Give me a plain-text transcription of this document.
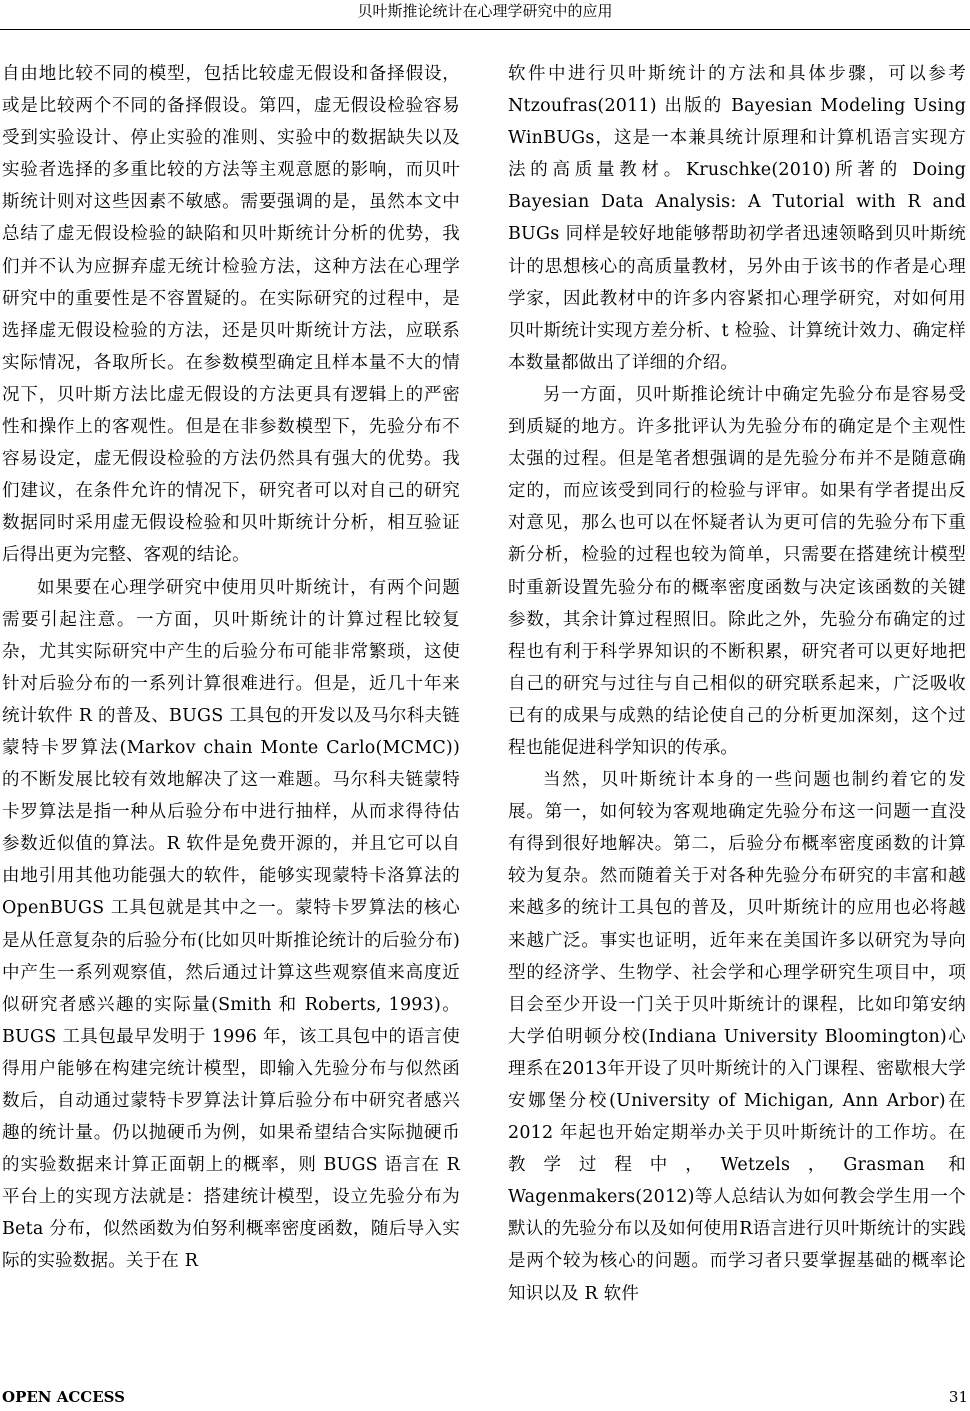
贝叶斯推论统计在心理学研究中的应用

自由地比较不同的模型，包括比较虚无假设和备择假设，或是比较两个不同的备择假设。第四，虚无假设检验容易受到实验设计、停止实验的准则、实验中的数据缺失以及实验者选择的多重比较的方法等主观意愿的影响，而贝叶斯统计则对这些因素不敏感。需要强调的是，虽然本文中总结了虚无假设检验的缺陷和贝叶斯统计分析的优势，我们并不认为应摒弃虚无统计检验方法，这种方法在心理学研究中的重要性是不容置疑的。在实际研究的过程中，是选择虚无假设检验的方法，还是贝叶斯统计方法，应联系实际情况，各取所长。在参数模型确定且样本量不大的情况下，贝叶斯方法比虚无假设的方法更具有逻辑上的严密性和操作上的客观性。但是在非参数模型下，先验分布不容易设定，虚无假设检验的方法仍然具有强大的优势。我们建议，在条件允许的情况下，研究者可以对自己的研究数据同时采用虚无假设检验和贝叶斯统计分析，相互验证后得出更为完整、客观的结论。

如果要在心理学研究中使用贝叶斯统计，有两个问题需要引起注意。一方面，贝叶斯统计的计算过程比较复杂，尤其实际研究中产生的后验分布可能非常繁琐，这使针对后验分布的一系列计算很难进行。但是，近几十年来统计软件 R 的普及、BUGS 工具包的开发以及马尔科夫链蒙特卡罗算法(Markov chain Monte Carlo(MCMC))的不断发展比较有效地解决了这一难题。马尔科夫链蒙特卡罗算法是指一种从后验分布中进行抽样，从而求得待估参数近似值的算法。R 软件是免费开源的，并且它可以自由地引用其他功能强大的软件，能够实现蒙特卡洛算法的 OpenBUGS 工具包就是其中之一。蒙特卡罗算法的核心是从任意复杂的后验分布(比如贝叶斯推论统计的后验分布)中产生一系列观察值，然后通过计算这些观察值来高度近似研究者感兴趣的实际量(Smith 和 Roberts, 1993)。BUGS 工具包最早发明于 1996 年，该工具包中的语言使得用户能够在构建完统计模型，即输入先验分布与似然函数后，自动通过蒙特卡罗算法计算后验分布中研究者感兴趣的统计量。仍以抛硬币为例，如果希望结合实际抛硬币的实验数据来计算正面朝上的概率，则 BUGS 语言在 R 平台上的实现方法就是：搭建统计模型，设立先验分布为 Beta 分布，似然函数为伯努利概率密度函数，随后导入实际的实验数据。关于在 R

软件中进行贝叶斯统计的方法和具体步骤，可以参考Ntzoufras(2011) 出版的 Bayesian Modeling Using WinBUGs，这是一本兼具统计原理和计算机语言实现方法的高质量教材。Kruschke(2010)所著的 Doing Bayesian Data Analysis: A Tutorial with R and BUGs 同样是较好地能够帮助初学者迅速领略到贝叶斯统计的思想核心的高质量教材，另外由于该书的作者是心理学家，因此教材中的许多内容紧扣心理学研究，对如何用贝叶斯统计实现方差分析、t 检验、计算统计效力、确定样本数量都做出了详细的介绍。

另一方面，贝叶斯推论统计中确定先验分布是容易受到质疑的地方。许多批评认为先验分布的确定是个主观性太强的过程。但是笔者想强调的是先验分布并不是随意确定的，而应该受到同行的检验与评审。如果有学者提出反对意见，那么也可以在怀疑者认为更可信的先验分布下重新分析，检验的过程也较为简单，只需要在搭建统计模型时重新设置先验分布的概率密度函数与决定该函数的关键参数，其余计算过程照旧。除此之外，先验分布确定的过程也有利于科学界知识的不断积累，研究者可以更好地把自己的研究与过往与自己相似的研究联系起来，广泛吸收已有的成果与成熟的结论使自己的分析更加深刻，这个过程也能促进科学知识的传承。

当然，贝叶斯统计本身的一些问题也制约着它的发展。第一，如何较为客观地确定先验分布这一问题一直没有得到很好地解决。第二，后验分布概率密度函数的计算较为复杂。然而随着关于对各种先验分布研究的丰富和越来越多的统计工具包的普及，贝叶斯统计的应用也必将越来越广泛。事实也证明，近年来在美国许多以研究为导向型的经济学、生物学、社会学和心理学研究生项目中，项目会至少开设一门关于贝叶斯统计的课程，比如印第安纳大学伯明顿分校(Indiana University Bloomington)心理系在2013年开设了贝叶斯统计的入门课程、密歇根大学安娜堡分校(University of Michigan, Ann Arbor)在 2012 年起也开始定期举办关于贝叶斯统计的工作坊。在教学过程中，Wetzels，Grasman 和 Wagenmakers(2012)等人总结认为如何教会学生用一个默认的先验分布以及如何使用R语言进行贝叶斯统计的实践是两个较为核心的问题。而学习者只要掌握基础的概率论知识以及 R 软件

OPEN ACCESS	31
